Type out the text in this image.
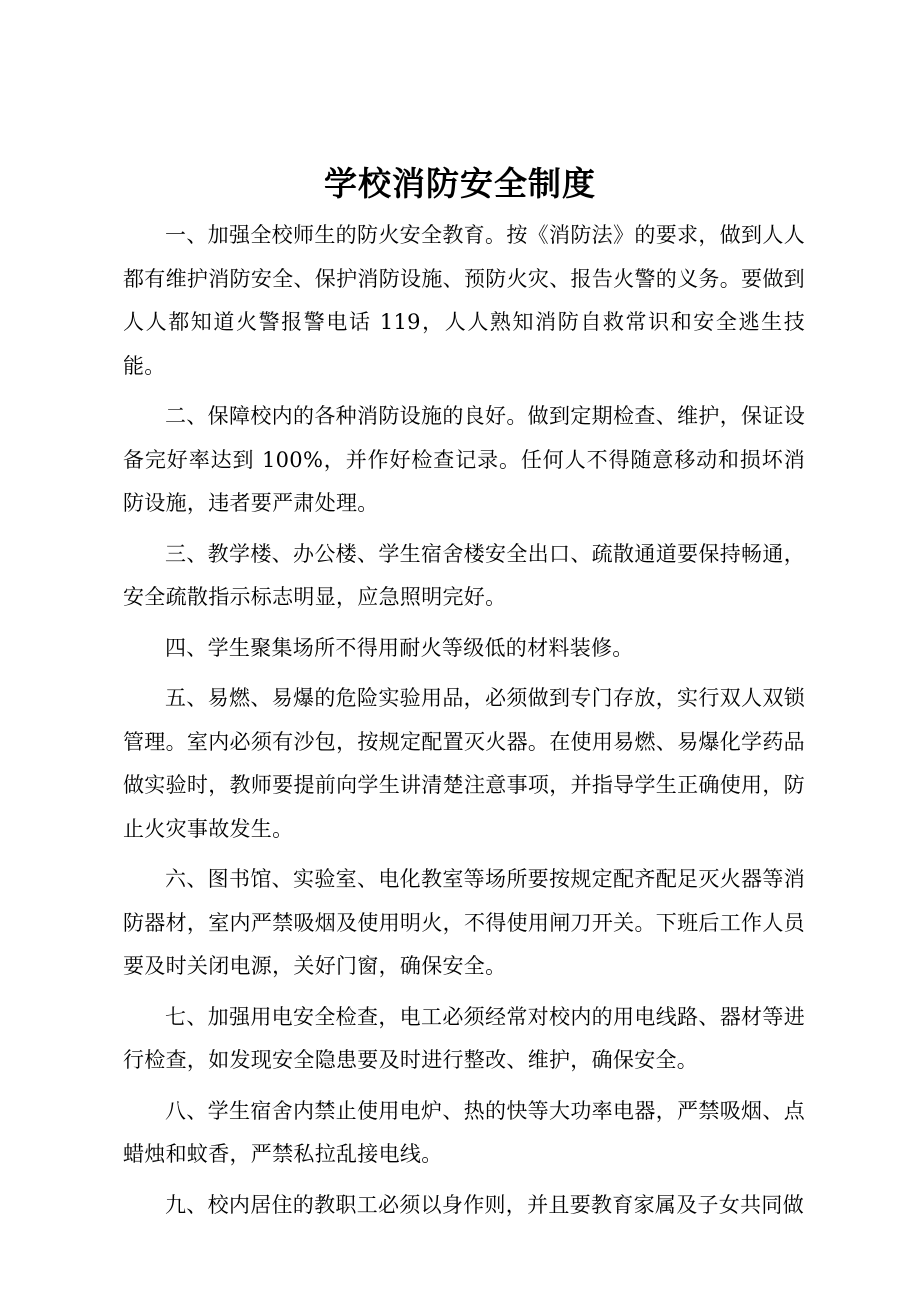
学校消防安全制度

一、加强全校师生的防火安全教育。按《消防法》的要求，做到人人都有维护消防安全、保护消防设施、预防火灾、报告火警的义务。要做到人人都知道火警报警电话 119，人人熟知消防自救常识和安全逃生技能。

二、保障校内的各种消防设施的良好。做到定期检查、维护，保证设备完好率达到 100%，并作好检查记录。任何人不得随意移动和损坏消防设施，违者要严肃处理。

三、教学楼、办公楼、学生宿舍楼安全出口、疏散通道要保持畅通，安全疏散指示标志明显，应急照明完好。

四、学生聚集场所不得用耐火等级低的材料装修。

五、易燃、易爆的危险实验用品，必须做到专门存放，实行双人双锁管理。室内必须有沙包，按规定配置灭火器。在使用易燃、易爆化学药品做实验时，教师要提前向学生讲清楚注意事项，并指导学生正确使用，防止火灾事故发生。

六、图书馆、实验室、电化教室等场所要按规定配齐配足灭火器等消防器材，室内严禁吸烟及使用明火，不得使用闸刀开关。下班后工作人员要及时关闭电源，关好门窗，确保安全。

七、加强用电安全检查，电工必须经常对校内的用电线路、器材等进行检查，如发现安全隐患要及时进行整改、维护，确保安全。

八、学生宿舍内禁止使用电炉、热的快等大功率电器，严禁吸烟、点蜡烛和蚊香，严禁私拉乱接电线。

九、校内居住的教职工必须以身作则，并且要教育家属及子女共同做
